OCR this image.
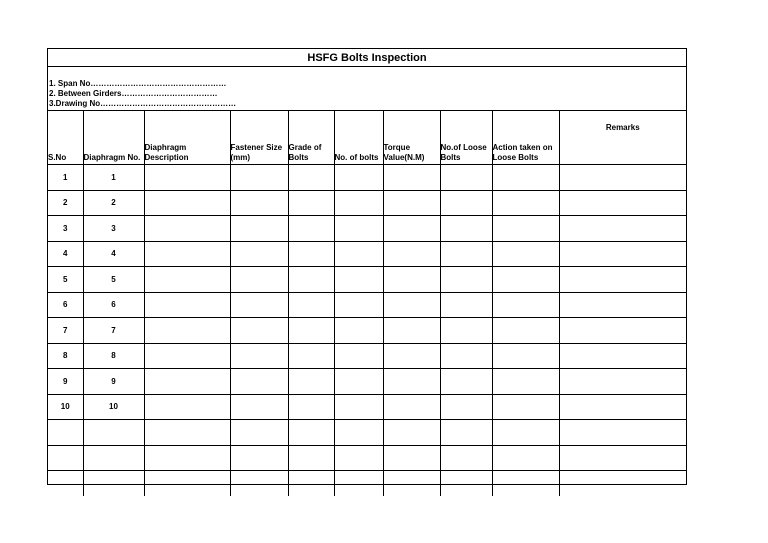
HSFG Bolts Inspection
1. Span No……………………………………………
2. Between Girders………………………………
3.Drawing No……………………………………………
S.No	Diaphragm No.	Diaphragm Description	Fastener Size (mm)	Grade of Bolts	No. of bolts	Torque Value(N.M)	No.of Loose Bolts	Action taken on Loose Bolts	Remarks
1	1								
2	2								
3	3								
4	4								
5	5								
6	6								
7	7								
8	8								
9	9								
10	10								
